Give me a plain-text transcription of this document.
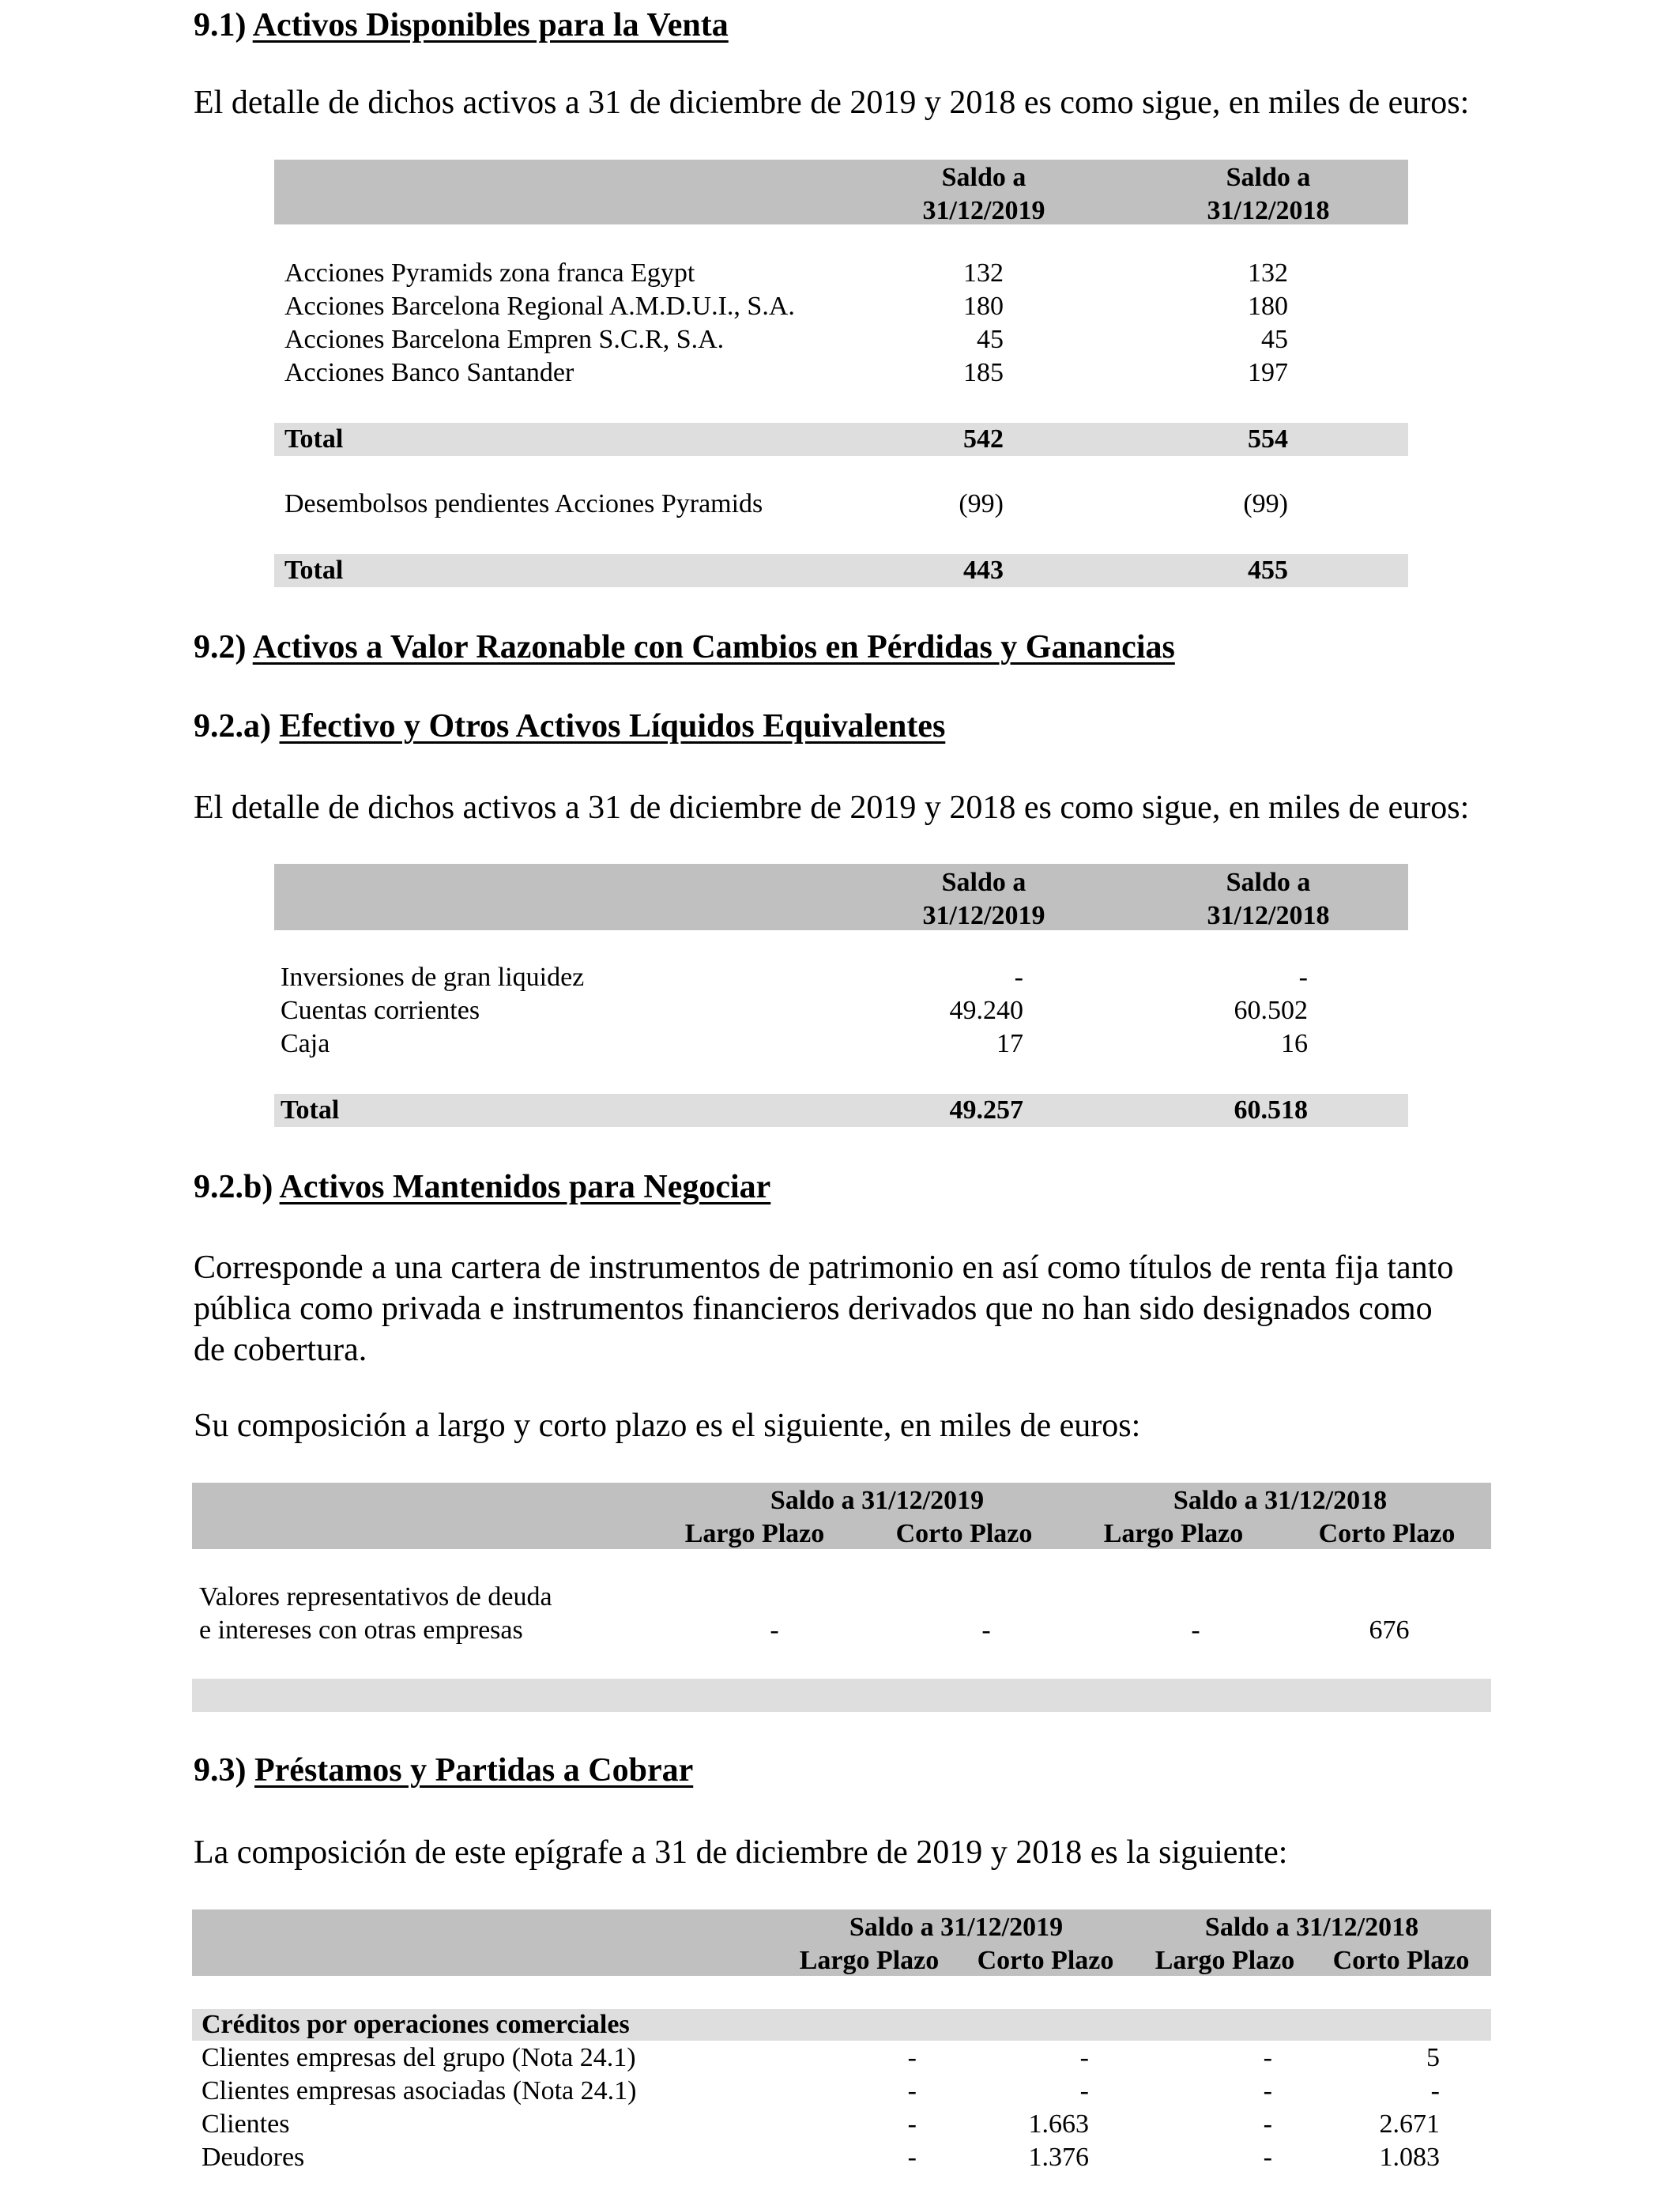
9.1) Activos Disponibles para la Venta
El detalle de dichos activos a 31 de diciembre de 2019 y 2018 es como sigue, en miles de euros:
Saldo a
31/12/2019
Saldo a
31/12/2018
Acciones Pyramids zona franca Egypt	132	132
Acciones Barcelona Regional A.M.D.U.I., S.A.	180	180
Acciones Barcelona Empren S.C.R, S.A.	45	45
Acciones Banco Santander	185	197
Total	542	554
Desembolsos pendientes Acciones Pyramids	(99)	(99)
Total	443	455
9.2) Activos a Valor Razonable con Cambios en Pérdidas y Ganancias
9.2.a) Efectivo y Otros Activos Líquidos Equivalentes
El detalle de dichos activos a 31 de diciembre de 2019 y 2018 es como sigue, en miles de euros:
Saldo a
31/12/2019
Saldo a
31/12/2018
Inversiones de gran liquidez	-	-
Cuentas corrientes	49.240	60.502
Caja	17	16
Total	49.257	60.518
9.2.b) Activos Mantenidos para Negociar
Corresponde a una cartera de instrumentos de patrimonio en así como títulos de renta fija tanto
pública como privada e instrumentos financieros derivados que no han sido designados como
de cobertura.
Su composición a largo y corto plazo es el siguiente, en miles de euros:
Saldo a 31/12/2019	Saldo a 31/12/2018
Largo Plazo	Corto Plazo	Largo Plazo	Corto Plazo
Valores representativos de deuda
e intereses con otras empresas	-	-	-	676
9.3) Préstamos y Partidas a Cobrar
La composición de este epígrafe a 31 de diciembre de 2019 y 2018 es la siguiente:
Saldo a 31/12/2019	Saldo a 31/12/2018
Largo Plazo	Corto Plazo	Largo Plazo	Corto Plazo
Créditos por operaciones comerciales
Clientes empresas del grupo (Nota 24.1)	-	-	-	5
Clientes empresas asociadas (Nota 24.1)	-	-	-	-
Clientes	-	1.663	-	2.671
Deudores	-	1.376	-	1.083
